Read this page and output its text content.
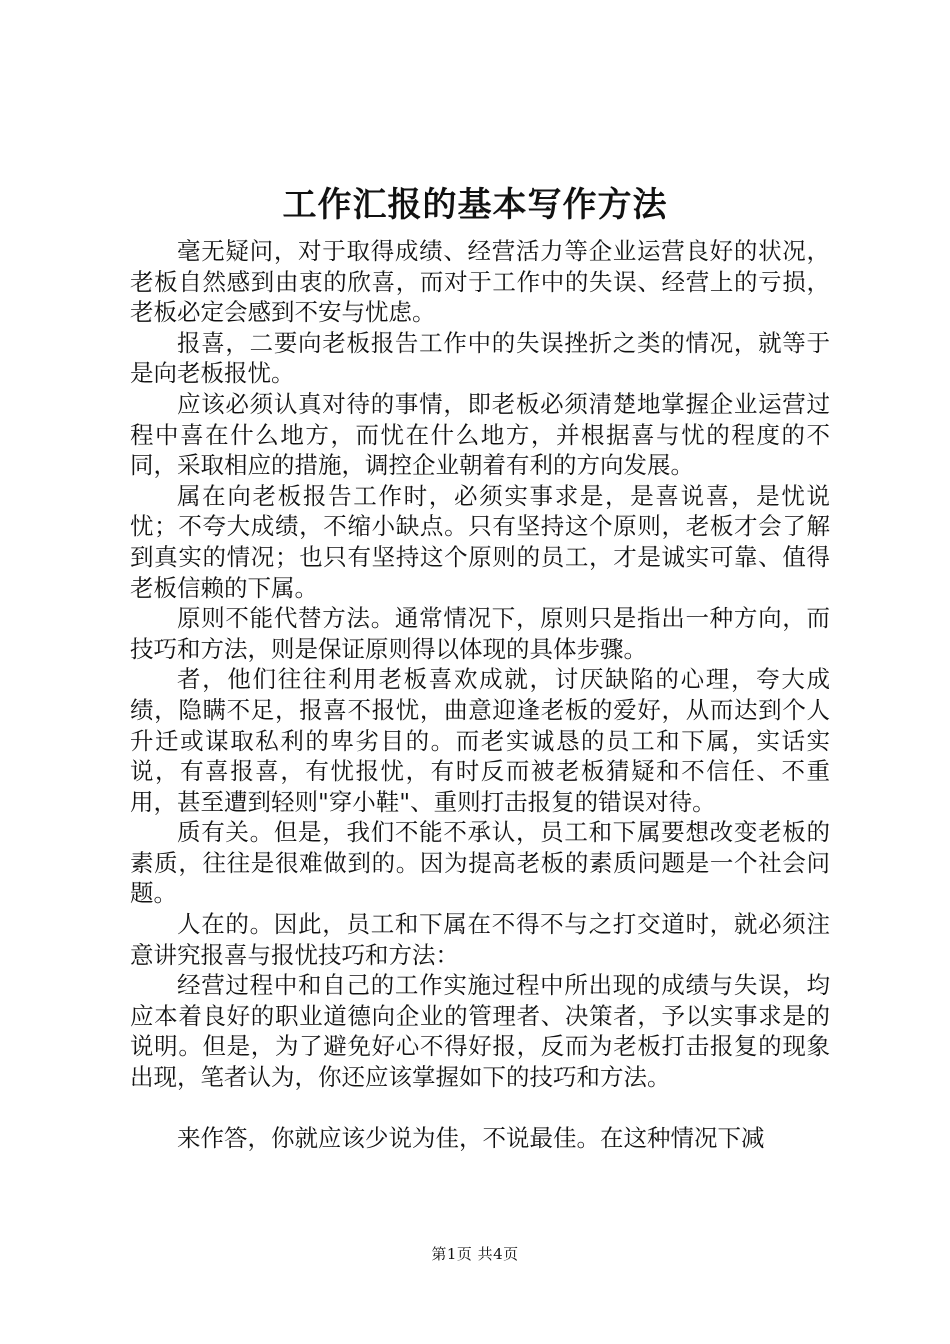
工作汇报的基本写作方法

毫无疑问，对于取得成绩、经营活力等企业运营良好的状况，老板自然感到由衷的欣喜，而对于工作中的失误、经营上的亏损，老板必定会感到不安与忧虑。

报喜，二要向老板报告工作中的失误挫折之类的情况，就等于是向老板报忧。

应该必须认真对待的事情，即老板必须清楚地掌握企业运营过程中喜在什么地方，而忧在什么地方，并根据喜与忧的程度的不同，采取相应的措施，调控企业朝着有利的方向发展。

属在向老板报告工作时，必须实事求是，是喜说喜，是忧说忧；不夸大成绩，不缩小缺点。只有坚持这个原则，老板才会了解到真实的情况；也只有坚持这个原则的员工，才是诚实可靠、值得老板信赖的下属。

原则不能代替方法。通常情况下，原则只是指出一种方向，而技巧和方法，则是保证原则得以体现的具体步骤。

者，他们往往利用老板喜欢成就，讨厌缺陷的心理，夸大成绩，隐瞒不足，报喜不报忧，曲意迎逢老板的爱好，从而达到个人升迁或谋取私利的卑劣目的。而老实诚恳的员工和下属，实话实说，有喜报喜，有忧报忧，有时反而被老板猜疑和不信任、不重用，甚至遭到轻则"穿小鞋"、重则打击报复的错误对待。

质有关。但是，我们不能不承认，员工和下属要想改变老板的素质，往往是很难做到的。因为提高老板的素质问题是一个社会问题。

人在的。因此，员工和下属在不得不与之打交道时，就必须注意讲究报喜与报忧技巧和方法：

经营过程中和自己的工作实施过程中所出现的成绩与失误，均应本着良好的职业道德向企业的管理者、决策者，予以实事求是的说明。但是，为了避免好心不得好报，反而为老板打击报复的现象出现，笔者认为，你还应该掌握如下的技巧和方法。

来作答，你就应该少说为佳，不说最佳。在这种情况下减

第1页 共4页
